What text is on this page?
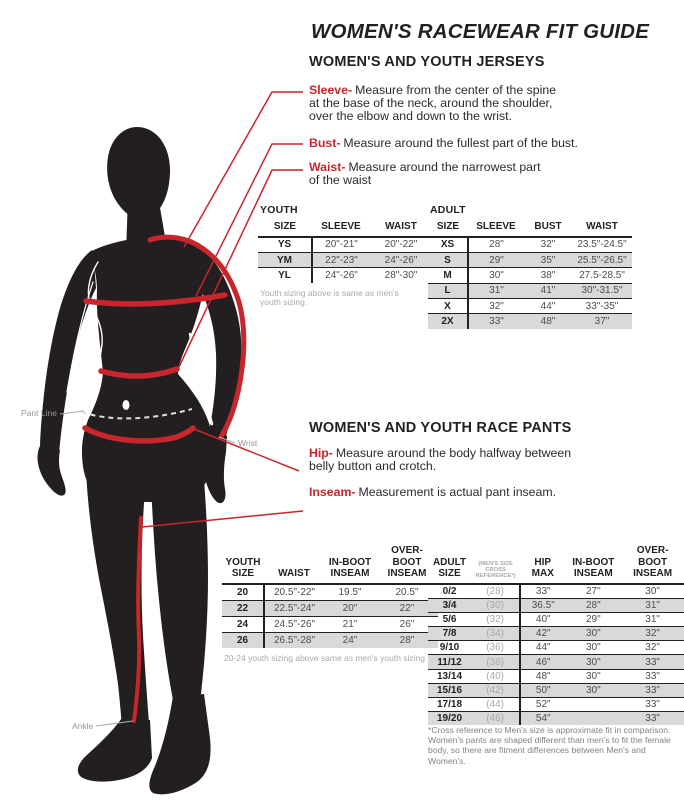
WOMEN'S RACEWEAR FIT GUIDE
WOMEN'S AND YOUTH JERSEYS
Sleeve- Measure from the center of the spine
at the base of the neck, around the shoulder,
over the elbow and down to the wrist.
Bust- Measure around the fullest part of the bust.
Waist- Measure around the narrowest part
of the waist
YOUTH
SIZE	SLEEVE	WAIST
YS	20"-21"	20"-22"
YM	22"-23"	24"-26"
YL	24"-26"	28"-30"
Youth sizing above is same as men's
youth sizing.
ADULT
SIZE	SLEEVE	BUST	WAIST
XS	28"	32"	23.5"-24.5"
S	29"	35"	25.5"-26.5"
M	30"	38"	27.5-28.5"
L	31"	41"	30"-31.5"
X	32"	44"	33"-35"
2X	33"	48"	37"
WOMEN'S AND YOUTH RACE PANTS
Hip- Measure around the body halfway between
belly button and crotch.
Inseam- Measurement is actual pant inseam.
YOUTH
SIZE	WAIST	
IN-BOOT
INSEAM

OVER-BOOT
INSEAM

20	20.5"-22"	19.5"	20.5"
22	22.5"-24"	20"	22"
24	24.5"-26"	21"	26"
26	26.5"-28"	24"	28"
20-24 youth sizing above same as men's youth sizing
ADULT
SIZE
	(MEN'S SIZE CROSS REFERENCE*)	
HIP
MAX

IN-BOOT
INSEAM

OVER-BOOT
INSEAM

0/2	(28)	33"	27"	30"
3/4	(30)	36.5"	28"	31"
5/6	(32)	40"	29"	31"
7/8	(34)	42"	30"	32"
9/10	(36)	44"	30"	32"
11/12	(38)	46"	30"	33"
13/14	(40)	48"	30"	33"
15/16	(42)	50"	30"	33"
17/18	(44)	52"		33"
19/20	(46)	54"		33"
*Cross reference to Men's size is approximate fit in comparison.
Women's pants are shaped different than men's to fit the female
body, so there are fitment differences between Men's and
Women's.
Pant Line
Wrist
Ankle
